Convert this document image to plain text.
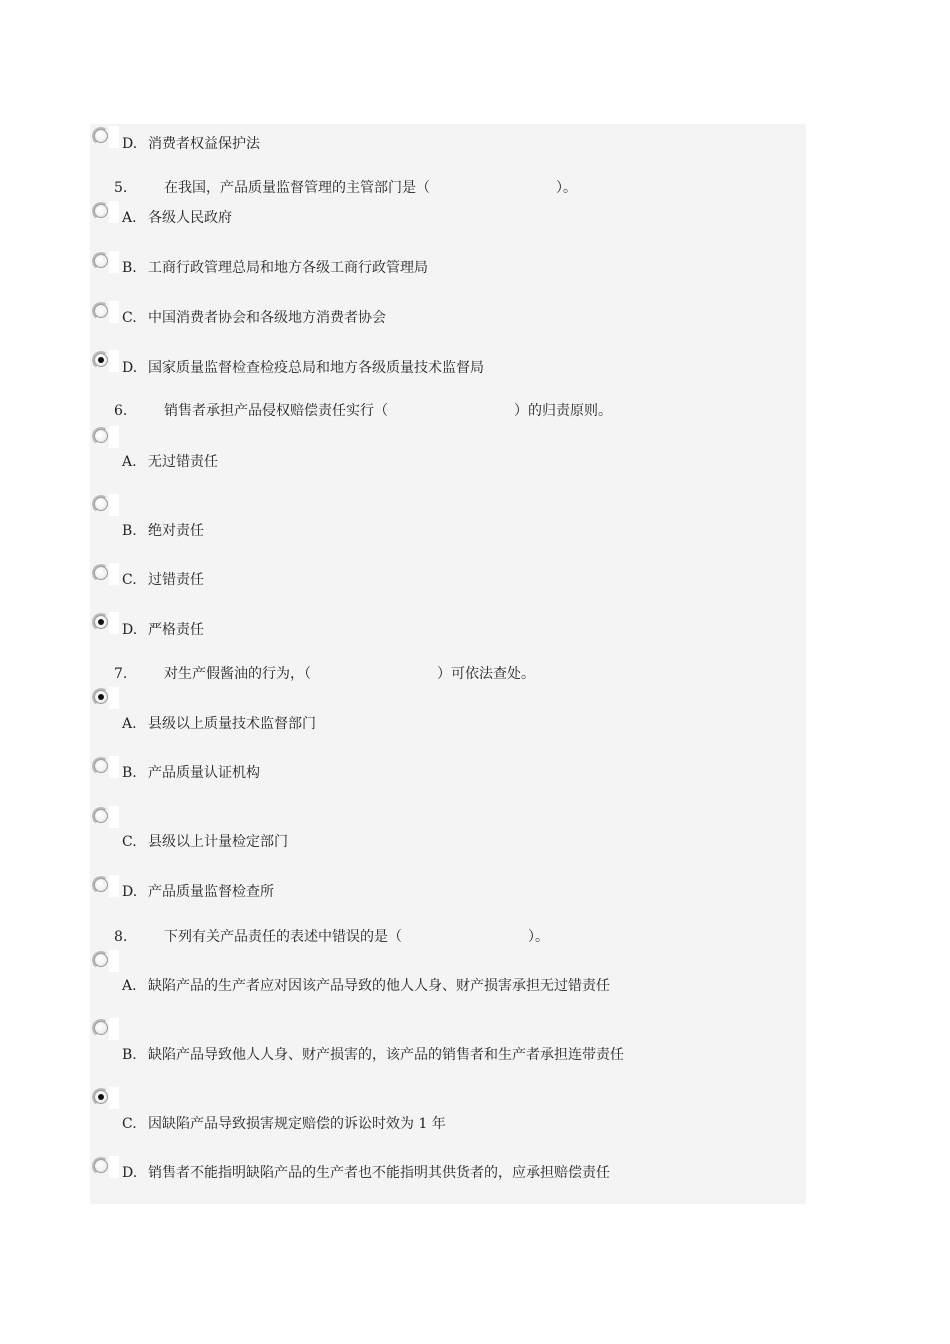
D. 消费者权益保护法
5.	在我国，产品质量监督管理的主管部门是（	）。
A. 各级人民政府
B. 工商行政管理总局和地方各级工商行政管理局
C. 中国消费者协会和各级地方消费者协会
D. 国家质量监督检查检疫总局和地方各级质量技术监督局
6.	销售者承担产品侵权赔偿责任实行（	）的归责原则。
A. 无过错责任
B. 绝对责任
C. 过错责任
D. 严格责任
7.	对生产假酱油的行为，（	）可依法查处。
A. 县级以上质量技术监督部门
B. 产品质量认证机构
C. 县级以上计量检定部门
D. 产品质量监督检查所
8.	下列有关产品责任的表述中错误的是（	）。
A. 缺陷产品的生产者应对因该产品导致的他人人身、财产损害承担无过错责任
B. 缺陷产品导致他人人身、财产损害的，该产品的销售者和生产者承担连带责任
C. 因缺陷产品导致损害规定赔偿的诉讼时效为 1 年
D. 销售者不能指明缺陷产品的生产者也不能指明其供货者的，应承担赔偿责任
